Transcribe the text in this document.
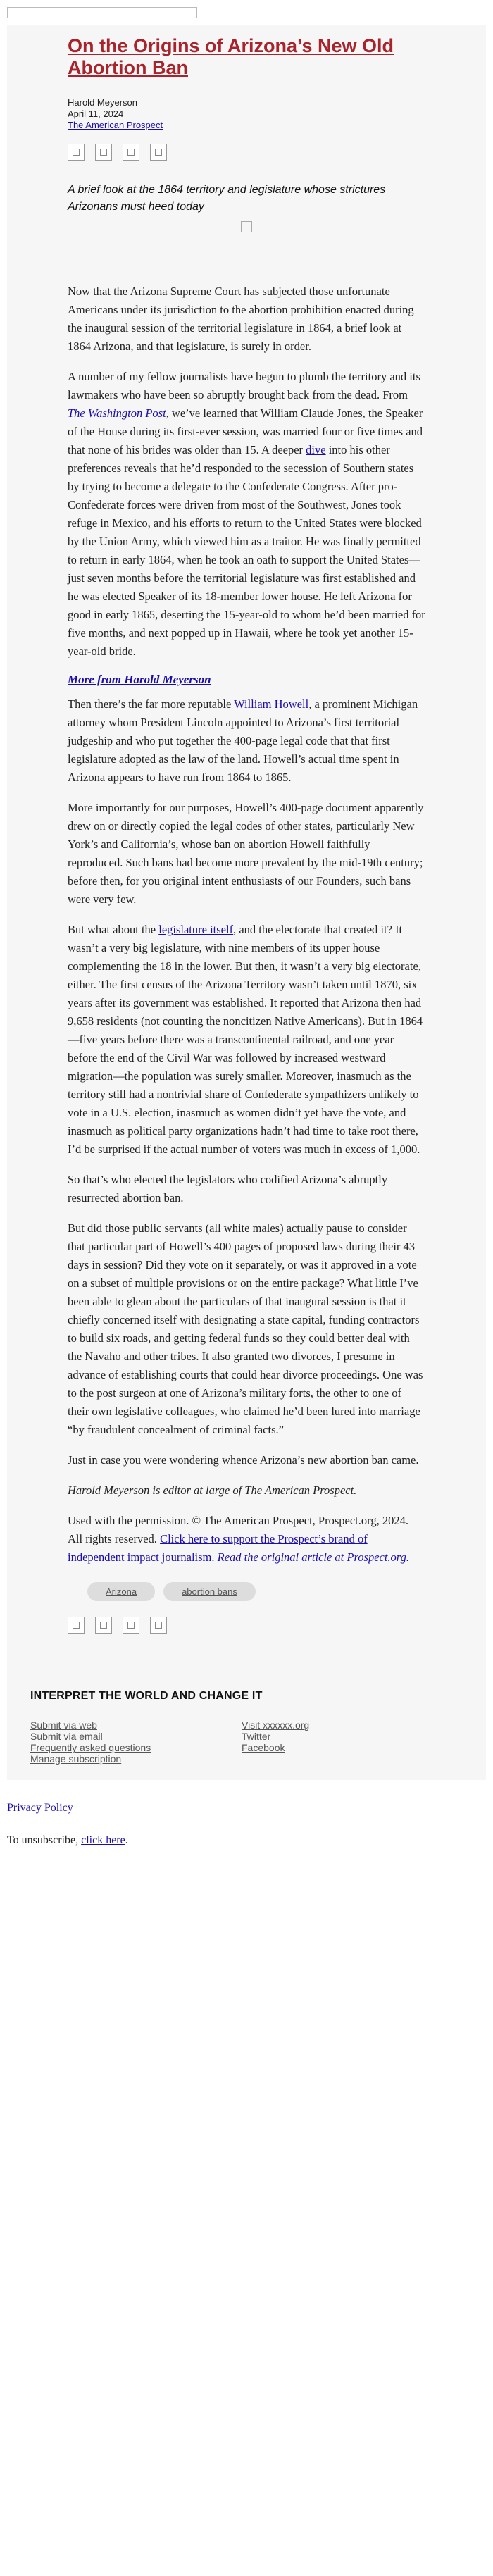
On the Origins of Arizona’s New Old Abortion Ban
Harold Meyerson
April 11, 2024
The American Prospect
A brief look at the 1864 territory and legislature whose strictures Arizonans must heed today

Now that the Arizona Supreme Court has subjected those unfortunate Americans under its jurisdiction to the abortion prohibition enacted during the inaugural session of the territorial legislature in 1864, a brief look at 1864 Arizona, and that legislature, is surely in order.

A number of my fellow journalists have begun to plumb the territory and its lawmakers who have been so abruptly brought back from the dead. From The Washington Post, we’ve learned that William Claude Jones, the Speaker of the House during its first-ever session, was married four or five times and that none of his brides was older than 15. A deeper dive into his other preferences reveals that he’d responded to the secession of Southern states by trying to become a delegate to the Confederate Congress. After pro-Confederate forces were driven from most of the Southwest, Jones took refuge in Mexico, and his efforts to return to the United States were blocked by the Union Army, which viewed him as a traitor. He was finally permitted to return in early 1864, when he took an oath to support the United States—just seven months before the territorial legislature was first established and he was elected Speaker of its 18-member lower house. He left Arizona for good in early 1865, deserting the 15-year-old to whom he’d been married for five months, and next popped up in Hawaii, where he took yet another 15-year-old bride.

More from Harold Meyerson

Then there’s the far more reputable William Howell, a prominent Michigan attorney whom President Lincoln appointed to Arizona’s first territorial judgeship and who put together the 400-page legal code that that first legislature adopted as the law of the land. Howell’s actual time spent in Arizona appears to have run from 1864 to 1865.

More importantly for our purposes, Howell’s 400-page document apparently drew on or directly copied the legal codes of other states, particularly New York’s and California’s, whose ban on abortion Howell faithfully reproduced. Such bans had become more prevalent by the mid-19th century; before then, for you original intent enthusiasts of our Founders, such bans were very few.

But what about the legislature itself, and the electorate that created it? It wasn’t a very big legislature, with nine members of its upper house complementing the 18 in the lower. But then, it wasn’t a very big electorate, either. The first census of the Arizona Territory wasn’t taken until 1870, six years after its government was established. It reported that Arizona then had 9,658 residents (not counting the noncitizen Native Americans). But in 1864—five years before there was a transcontinental railroad, and one year before the end of the Civil War was followed by increased westward migration—the population was surely smaller. Moreover, inasmuch as the territory still had a nontrivial share of Confederate sympathizers unlikely to vote in a U.S. election, inasmuch as women didn’t yet have the vote, and inasmuch as political party organizations hadn’t had time to take root there, I’d be surprised if the actual number of voters was much in excess of 1,000.

So that’s who elected the legislators who codified Arizona’s abruptly resurrected abortion ban.

But did those public servants (all white males) actually pause to consider that particular part of Howell’s 400 pages of proposed laws during their 43 days in session? Did they vote on it separately, or was it approved in a vote on a subset of multiple provisions or on the entire package? What little I’ve been able to glean about the particulars of that inaugural session is that it chiefly concerned itself with designating a state capital, funding contractors to build six roads, and getting federal funds so they could better deal with the Navaho and other tribes. It also granted two divorces, I presume in advance of establishing courts that could hear divorce proceedings. One was to the post surgeon at one of Arizona’s military forts, the other to one of their own legislative colleagues, who claimed he’d been lured into marriage “by fraudulent concealment of criminal facts.”

Just in case you were wondering whence Arizona’s new abortion ban came.

Harold Meyerson is editor at large of The American Prospect.

Used with the permission. © The American Prospect, Prospect.org, 2024. All rights reserved. Click here to support the Prospect’s brand of independent impact journalism. Read the original article at Prospect.org.

Arizona	abortion bans
INTERPRET THE WORLD AND CHANGE IT
Submit via web	Visit xxxxxx.org
Submit via email	Twitter
Frequently asked questions	Facebook
Manage subscription

Privacy Policy

To unsubscribe, click here.
